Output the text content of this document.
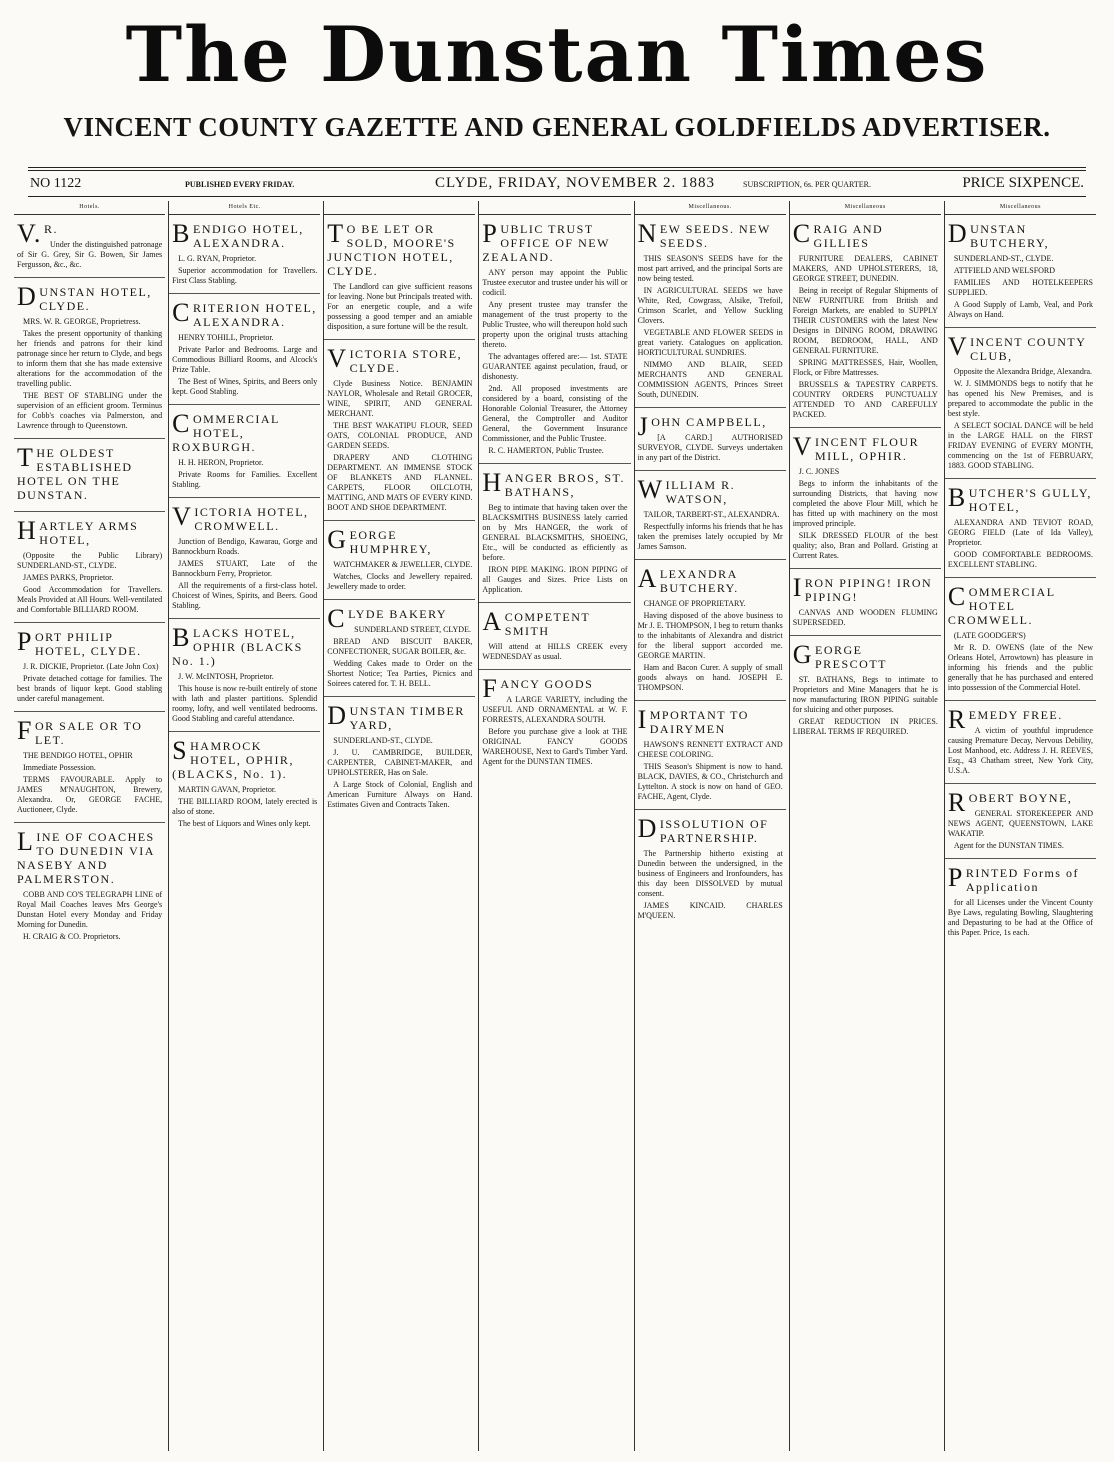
The Dunstan Times
VINCENT COUNTY GAZETTE AND GENERAL GOLDFIELDS ADVERTISER.
NO 1122	PUBLISHED EVERY FRIDAY.	CLYDE, FRIDAY, NOVEMBER 2. 1883	SUBSCRIPTION, 6s. PER QUARTER.	PRICE SIXPENCE.
Hotels.
V.R.

Under the distinguished patronage of Sir G. Grey, Sir G. Bowen, Sir James Fergusson, &c., &c.

DUNSTAN HOTEL, CLYDE.

MRS. W. R. GEORGE, Proprietress.

Takes the present opportunity of thanking her friends and patrons for their kind patronage since her return to Clyde, and begs to inform them that she has made extensive alterations for the accommodation of the travelling public.

THE BEST OF STABLING under the supervision of an efficient groom. Terminus for Cobb's coaches via Palmerston, and Lawrence through to Queenstown.

THE OLDEST ESTABLISHED HOTEL ON THE DUNSTAN.
HARTLEY ARMS HOTEL,

(Opposite the Public Library) SUNDERLAND-ST., CLYDE.

JAMES PARKS, Proprietor.

Good Accommodation for Travellers. Meals Provided at All Hours. Well-ventilated and Comfortable BILLIARD ROOM.

PORT PHILIP HOTEL, CLYDE.

J. R. DICKIE, Proprietor. (Late John Cox)

Private detached cottage for families. The best brands of liquor kept. Good stabling under careful management.

FOR SALE OR TO LET.

THE BENDIGO HOTEL, OPHIR

Immediate Possession.

TERMS FAVOURABLE. Apply to JAMES M'NAUGHTON, Brewery, Alexandra. Or, GEORGE FACHE, Auctioneer, Clyde.

LINE OF COACHES TO DUNEDIN VIA NASEBY AND PALMERSTON.

COBB AND CO'S TELEGRAPH LINE of Royal Mail Coaches leaves Mrs George's Dunstan Hotel every Monday and Friday Morning for Dunedin.

H. CRAIG & CO. Proprietors.

Hotels Etc.
BENDIGO HOTEL, ALEXANDRA.

L. G. RYAN, Proprietor.

Superior accommodation for Travellers. First Class Stabling.

CRITERION HOTEL, ALEXANDRA.

HENRY TOHILL, Proprietor.

Private Parlor and Bedrooms. Large and Commodious Billiard Rooms, and Alcock's Prize Table.

The Best of Wines, Spirits, and Beers only kept. Good Stabling.

COMMERCIAL HOTEL, ROXBURGH.

H. H. HERON, Proprietor.

Private Rooms for Families. Excellent Stabling.

VICTORIA HOTEL, CROMWELL.

Junction of Bendigo, Kawarau, Gorge and Bannockburn Roads.

JAMES STUART, Late of the Bannockburn Ferry, Proprietor.

All the requirements of a first-class hotel. Choicest of Wines, Spirits, and Beers. Good Stabling.

BLACKS HOTEL, OPHIR (BLACKS No. 1.)

J. W. McINTOSH, Proprietor.

This house is now re-built entirely of stone with lath and plaster partitions. Splendid roomy, lofty, and well ventilated bedrooms. Good Stabling and careful attendance.

SHAMROCK HOTEL, OPHIR, (BLACKS, No. 1).

MARTIN GAVAN, Proprietor.

THE BILLIARD ROOM, lately erected is also of stone.

The best of Liquors and Wines only kept.

TO BE LET OR SOLD, MOORE'S JUNCTION HOTEL, CLYDE.

The Landlord can give sufficient reasons for leaving. None but Principals treated with. For an energetic couple, and a wife possessing a good temper and an amiable disposition, a sure fortune will be the result.

VICTORIA STORE, CLYDE.

Clyde Business Notice. BENJAMIN NAYLOR, Wholesale and Retail GROCER, WINE, SPIRIT, AND GENERAL MERCHANT.

THE BEST WAKATIPU FLOUR, SEED OATS, COLONIAL PRODUCE, AND GARDEN SEEDS.

DRAPERY AND CLOTHING DEPARTMENT. AN IMMENSE STOCK OF BLANKETS AND FLANNEL. CARPETS, FLOOR OILCLOTH, MATTING, AND MATS OF EVERY KIND. BOOT AND SHOE DEPARTMENT.

GEORGE HUMPHREY,

WATCHMAKER & JEWELLER, CLYDE.

Watches, Clocks and Jewellery repaired. Jewellery made to order.

CLYDE BAKERY

SUNDERLAND STREET, CLYDE.

BREAD AND BISCUIT BAKER, CONFECTIONER, SUGAR BOILER, &c.

Wedding Cakes made to Order on the Shortest Notice; Tea Parties, Picnics and Soirees catered for. T. H. BELL.

DUNSTAN TIMBER YARD,

SUNDERLAND-ST., CLYDE.

J. U. CAMBRIDGE, BUILDER, CARPENTER, CABINET-MAKER, and UPHOLSTERER, Has on Sale.

A Large Stock of Colonial, English and American Furniture Always on Hand. Estimates Given and Contracts Taken.

PUBLIC TRUST OFFICE OF NEW ZEALAND.

ANY person may appoint the Public Trustee executor and trustee under his will or codicil.

Any present trustee may transfer the management of the trust property to the Public Trustee, who will thereupon hold such property upon the original trusts attaching thereto.

The advantages offered are:— 1st. STATE GUARANTEE against peculation, fraud, or dishonesty.

2nd. All proposed investments are considered by a board, consisting of the Honorable Colonial Treasurer, the Attorney General, the Comptroller and Auditor General, the Government Insurance Commissioner, and the Public Trustee.

R. C. HAMERTON, Public Trustee.

HANGER BROS, ST. BATHANS,

Beg to intimate that having taken over the BLACKSMITHS BUSINESS lately carried on by Mrs HANGER, the work of GENERAL BLACKSMITHS, SHOEING, Etc., will be conducted as efficiently as before.

IRON PIPE MAKING. IRON PIPING of all Gauges and Sizes. Price Lists on Application.

ACOMPETENT SMITH

Will attend at HILLS CREEK every WEDNESDAY as usual.

FANCY GOODS

A LARGE VARIETY, including the USEFUL AND ORNAMENTAL at W. F. FORRESTS, ALEXANDRA SOUTH.

Before you purchase give a look at THE ORIGINAL FANCY GOODS WAREHOUSE, Next to Gard's Timber Yard. Agent for the DUNSTAN TIMES.

Miscellaneous.
NEW SEEDS. NEW SEEDS.

THIS SEASON'S SEEDS have for the most part arrived, and the principal Sorts are now being tested.

IN AGRICULTURAL SEEDS we have White, Red, Cowgrass, Alsike, Trefoil, Crimson Scarlet, and Yellow Suckling Clovers.

VEGETABLE AND FLOWER SEEDS in great variety. Catalogues on application. HORTICULTURAL SUNDRIES.

NIMMO AND BLAIR, SEED MERCHANTS AND GENERAL COMMISSION AGENTS, Princes Street South, DUNEDIN.

JOHN CAMPBELL,

[A CARD.] AUTHORISED SURVEYOR, CLYDE. Surveys undertaken in any part of the District.

WILLIAM R. WATSON,

TAILOR, TARBERT-ST., ALEXANDRA.

Respectfully informs his friends that he has taken the premises lately occupied by Mr James Samson.

ALEXANDRA BUTCHERY.

CHANGE OF PROPRIETARY.

Having disposed of the above business to Mr J. E. THOMPSON, I beg to return thanks to the inhabitants of Alexandra and district for the liberal support accorded me. GEORGE MARTIN.

Ham and Bacon Curer. A supply of small goods always on hand. JOSEPH E. THOMPSON.

IMPORTANT TO DAIRYMEN

HAWSON'S RENNETT EXTRACT AND CHEESE COLORING.

THIS Season's Shipment is now to hand. BLACK, DAVIES, & CO., Christchurch and Lyttelton. A stock is now on hand of GEO. FACHE, Agent, Clyde.

DISSOLUTION OF PARTNERSHIP.

The Partnership hitherto existing at Dunedin between the undersigned, in the business of Engineers and Ironfounders, has this day been DISSOLVED by mutual consent.

JAMES KINCAID. CHARLES M'QUEEN.

Miscellaneous
CRAIG AND GILLIES

FURNITURE DEALERS, CABINET MAKERS, AND UPHOLSTERERS, 18, GEORGE STREET, DUNEDIN.

Being in receipt of Regular Shipments of NEW FURNITURE from British and Foreign Markets, are enabled to SUPPLY THEIR CUSTOMERS with the latest New Designs in DINING ROOM, DRAWING ROOM, BEDROOM, HALL, AND GENERAL FURNITURE.

SPRING MATTRESSES, Hair, Woollen, Flock, or Fibre Mattresses.

BRUSSELS & TAPESTRY CARPETS. COUNTRY ORDERS PUNCTUALLY ATTENDED TO AND CAREFULLY PACKED.

VINCENT FLOUR MILL, OPHIR.

J. C. JONES

Begs to inform the inhabitants of the surrounding Districts, that having now completed the above Flour Mill, which he has fitted up with machinery on the most improved principle.

SILK DRESSED FLOUR of the best quality; also, Bran and Pollard. Gristing at Current Rates.

IRON PIPING! IRON PIPING!

CANVAS AND WOODEN FLUMING SUPERSEDED.

GEORGE PRESCOTT

ST. BATHANS, Begs to intimate to Proprietors and Mine Managers that he is now manufacturing IRON PIPING suitable for sluicing and other purposes.

GREAT REDUCTION IN PRICES. LIBERAL TERMS IF REQUIRED.

Miscellaneous
DUNSTAN BUTCHERY,

SUNDERLAND-ST., CLYDE.

ATTFIELD AND WELSFORD

FAMILIES AND HOTELKEEPERS SUPPLIED.

A Good Supply of Lamb, Veal, and Pork Always on Hand.

VINCENT COUNTY CLUB,

Opposite the Alexandra Bridge, Alexandra.

W. J. SIMMONDS begs to notify that he has opened his New Premises, and is prepared to accommodate the public in the best style.

A SELECT SOCIAL DANCE will be held in the LARGE HALL on the FIRST FRIDAY EVENING of EVERY MONTH, commencing on the 1st of FEBRUARY, 1883. GOOD STABLING.

BUTCHER'S GULLY, HOTEL,

ALEXANDRA AND TEVIOT ROAD, GEORG FIELD (Late of Ida Valley), Proprietor.

GOOD COMFORTABLE BEDROOMS. EXCELLENT STABLING.

COMMERCIAL HOTEL CROMWELL.

(LATE GOODGER'S)

Mr R. D. OWENS (late of the New Orleans Hotel, Arrowtown) has pleasure in informing his friends and the public generally that he has purchased and entered into possession of the Commercial Hotel.

REMEDY FREE.

A victim of youthful imprudence causing Premature Decay, Nervous Debility, Lost Manhood, etc. Address J. H. REEVES, Esq., 43 Chatham street, New York City, U.S.A.

ROBERT BOYNE,

GENERAL STOREKEEPER AND NEWS AGENT, QUEENSTOWN, LAKE WAKATIP.

Agent for the DUNSTAN TIMES.

PRINTED Forms of Application

for all Licenses under the Vincent County Bye Laws, regulating Bowling, Slaughtering and Depasturing to be had at the Office of this Paper. Price, 1s each.
